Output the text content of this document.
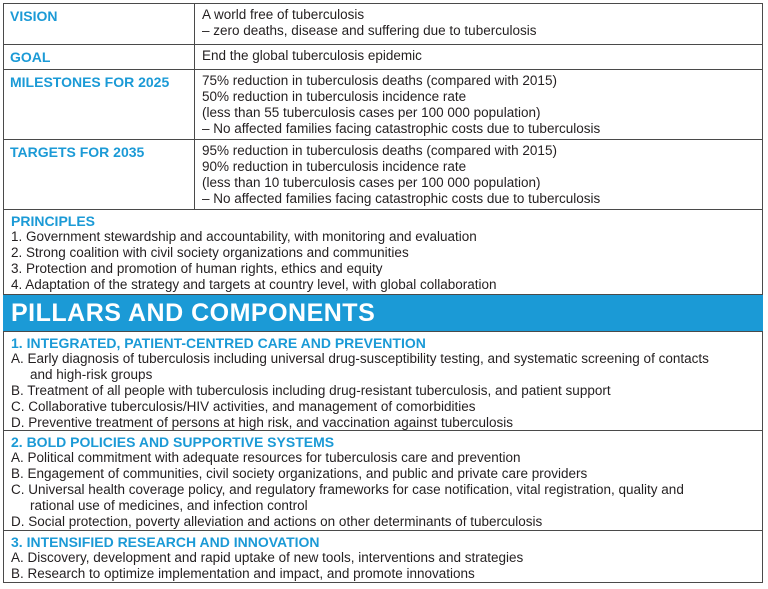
VISION	A world free of tuberculosis
– zero deaths, disease and suffering due to tuberculosis
GOAL	End the global tuberculosis epidemic
MILESTONES FOR 2025	75% reduction in tuberculosis deaths (compared with 2015)
50% reduction in tuberculosis incidence rate
(less than 55 tuberculosis cases per 100 000 population)
– No affected families facing catastrophic costs due to tuberculosis
TARGETS FOR 2035	95% reduction in tuberculosis deaths (compared with 2015)
90% reduction in tuberculosis incidence rate
(less than 10 tuberculosis cases per 100 000 population)
– No affected families facing catastrophic costs due to tuberculosis
PRINCIPLES
1. Government stewardship and accountability, with monitoring and evaluation
2. Strong coalition with civil society organizations and communities
3. Protection and promotion of human rights, ethics and equity
4. Adaptation of the strategy and targets at country level, with global collaboration
PILLARS AND COMPONENTS
1. INTEGRATED, PATIENT-CENTRED CARE AND PREVENTION
A. Early diagnosis of tuberculosis including universal drug-susceptibility testing, and systematic screening of contacts
and high-risk groups
B. Treatment of all people with tuberculosis including drug-resistant tuberculosis, and patient support
C. Collaborative tuberculosis/HIV activities, and management of comorbidities
D. Preventive treatment of persons at high risk, and vaccination against tuberculosis
2. BOLD POLICIES AND SUPPORTIVE SYSTEMS
A. Political commitment with adequate resources for tuberculosis care and prevention
B. Engagement of communities, civil society organizations, and public and private care providers
C. Universal health coverage policy, and regulatory frameworks for case notification, vital registration, quality and
rational use of medicines, and infection control
D. Social protection, poverty alleviation and actions on other determinants of tuberculosis
3. INTENSIFIED RESEARCH AND INNOVATION
A. Discovery, development and rapid uptake of new tools, interventions and strategies
B. Research to optimize implementation and impact, and promote innovations
